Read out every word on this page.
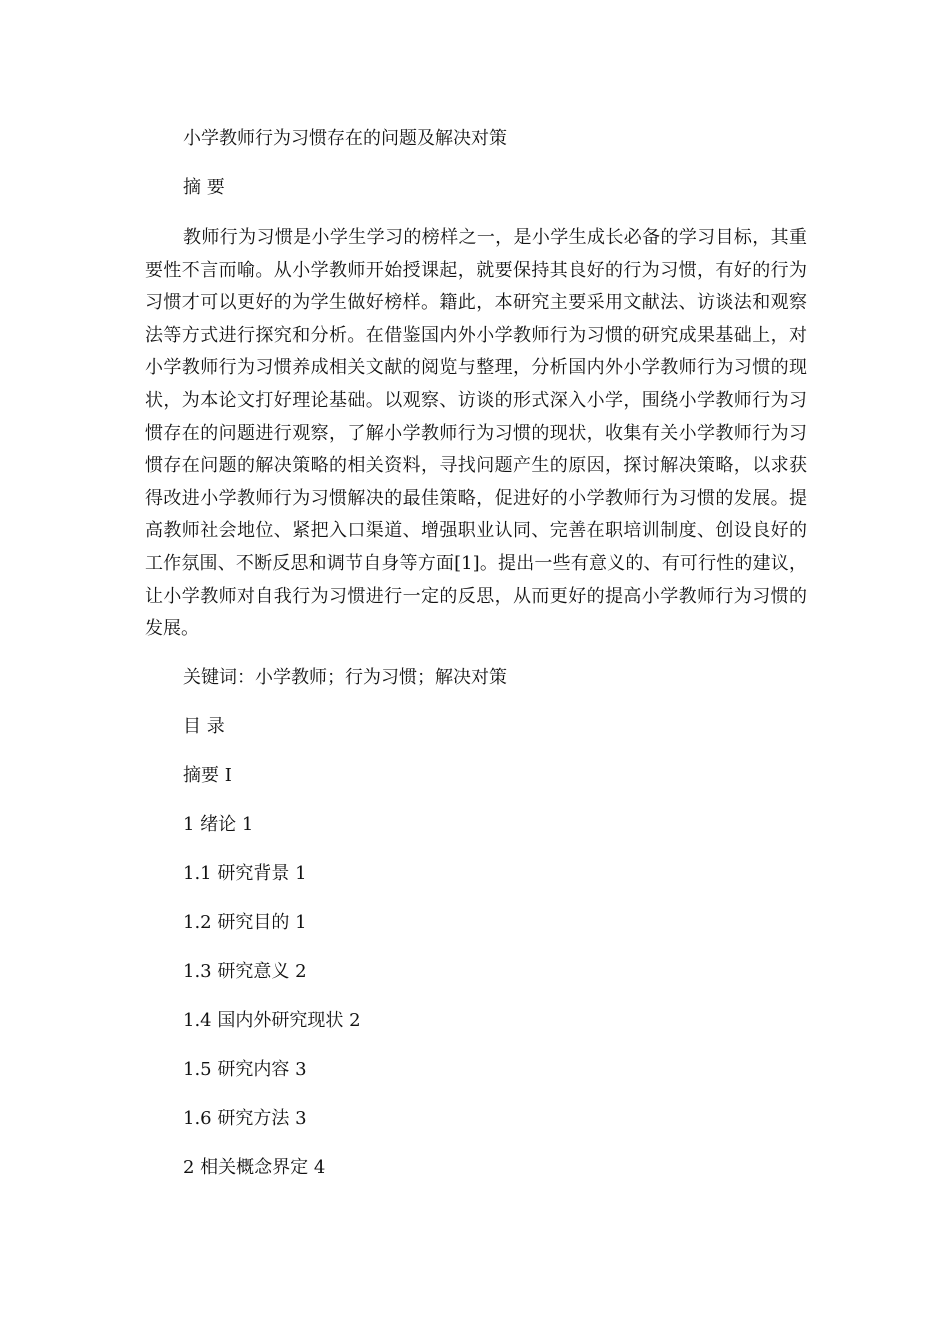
小学教师行为习惯存在的问题及解决对策
摘 要

教师行为习惯是小学生学习的榜样之一，是小学生成长必备的学习目标，其重要性不言而喻。从小学教师开始授课起，就要保持其良好的行为习惯，有好的行为习惯才可以更好的为学生做好榜样。籍此，本研究主要采用文献法、访谈法和观察法等方式进行探究和分析。在借鉴国内外小学教师行为习惯的研究成果基础上，对小学教师行为习惯养成相关文献的阅览与整理，分析国内外小学教师行为习惯的现状，为本论文打好理论基础。以观察、访谈的形式深入小学，围绕小学教师行为习惯存在的问题进行观察，了解小学教师行为习惯的现状，收集有关小学教师行为习惯存在问题的解决策略的相关资料，寻找问题产生的原因，探讨解决策略，以求获得改进小学教师行为习惯解决的最佳策略，促进好的小学教师行为习惯的发展。提高教师社会地位、紧把入口渠道、增强职业认同、完善在职培训制度、创设良好的工作氛围、不断反思和调节自身等方面[1]。提出一些有意义的、有可行性的建议，让小学教师对自我行为习惯进行一定的反思，从而更好的提高小学教师行为习惯的发展。

关键词：小学教师；行为习惯；解决对策
目 录
摘要 I
1 绪论 1
1.1 研究背景 1
1.2 研究目的 1
1.3 研究意义 2
1.4 国内外研究现状 2
1.5 研究内容 3
1.6 研究方法 3
2 相关概念界定 4
